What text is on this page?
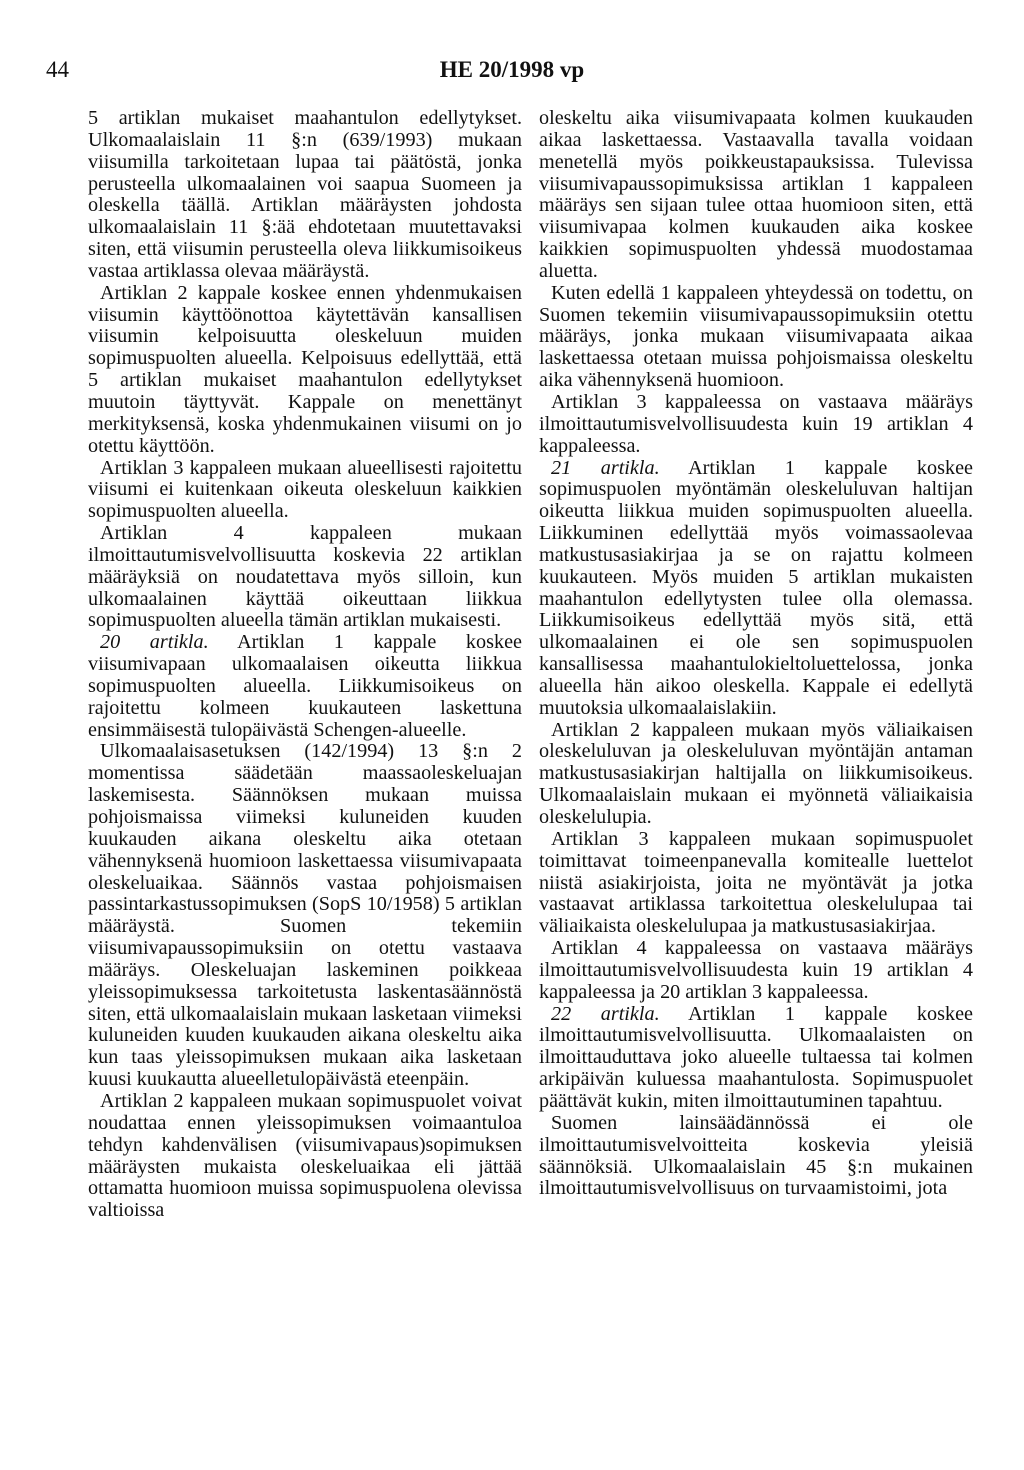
44	HE 20/1998 vp

5 artiklan mukaiset maahantulon edellytykset. Ulkomaalaislain 11 §:n (639/1993) mukaan viisumilla tarkoitetaan lupaa tai päätöstä, jonka perusteella ulkomaalainen voi saapua Suomeen ja oleskella täällä. Artiklan määräysten johdosta ulkomaalaislain 11 §:ää ehdotetaan muutettavaksi siten, että viisumin perusteella oleva liikkumisoikeus vastaa artiklassa olevaa määräystä.

Artiklan 2 kappale koskee ennen yhdenmukaisen viisumin käyttöönottoa käytettävän kansallisen viisumin kelpoisuutta oleskeluun muiden sopimuspuolten alueella. Kelpoisuus edellyttää, että 5 artiklan mukaiset maahantulon edellytykset muutoin täyttyvät. Kappale on menettänyt merkityksensä, koska yhdenmukainen viisumi on jo otettu käyttöön.

Artiklan 3 kappaleen mukaan alueellisesti rajoitettu viisumi ei kuitenkaan oikeuta oleskeluun kaikkien sopimuspuolten alueella.

Artiklan 4 kappaleen mukaan ilmoittautumisvelvollisuutta koskevia 22 artiklan määräyksiä on noudatettava myös silloin, kun ulkomaalainen käyttää oikeuttaan liikkua sopimuspuolten alueella tämän artiklan mukaisesti.

20 artikla. Artiklan 1 kappale koskee viisumivapaan ulkomaalaisen oikeutta liikkua sopimuspuolten alueella. Liikkumisoikeus on rajoitettu kolmeen kuukauteen laskettuna ensimmäisestä tulopäivästä Schengen-alueelle.

Ulkomaalaisasetuksen (142/1994) 13 §:n 2 momentissa säädetään maassaoleskeluajan laskemisesta. Säännöksen mukaan muissa pohjoismaissa viimeksi kuluneiden kuuden kuukauden aikana oleskeltu aika otetaan vähennyksenä huomioon laskettaessa viisumivapaata oleskeluaikaa. Säännös vastaa pohjoismaisen passintarkastussopimuksen (SopS 10/1958) 5 artiklan määräystä. Suomen tekemiin viisumivapaussopimuksiin on otettu vastaava määräys. Oleskeluajan laskeminen poikkeaa yleissopimuksessa tarkoitetusta laskentasäännöstä siten, että ulkomaalaislain mukaan lasketaan viimeksi kuluneiden kuuden kuukauden aikana oleskeltu aika kun taas yleissopimuksen mukaan aika lasketaan kuusi kuukautta alueelletulopäivästä eteenpäin.

Artiklan 2 kappaleen mukaan sopimuspuolet voivat noudattaa ennen yleissopimuksen voimaantuloa tehdyn kahdenvälisen (viisumivapaus)sopimuksen määräysten mukaista oleskeluaikaa eli jättää ottamatta huomioon muissa sopimuspuolena olevissa valtioissa

oleskeltu aika viisumivapaata kolmen kuukauden aikaa laskettaessa. Vastaavalla tavalla voidaan menetellä myös poikkeustapauksissa. Tulevissa viisumivapaussopimuksissa artiklan 1 kappaleen määräys sen sijaan tulee ottaa huomioon siten, että viisumivapaa kolmen kuukauden aika koskee kaikkien sopimuspuolten yhdessä muodostamaa aluetta.

Kuten edellä 1 kappaleen yhteydessä on todettu, on Suomen tekemiin viisumivapaussopimuksiin otettu määräys, jonka mukaan viisumivapaata aikaa laskettaessa otetaan muissa pohjoismaissa oleskeltu aika vähennyksenä huomioon.

Artiklan 3 kappaleessa on vastaava määräys ilmoittautumisvelvollisuudesta kuin 19 artiklan 4 kappaleessa.

21 artikla. Artiklan 1 kappale koskee sopimuspuolen myöntämän oleskeluluvan haltijan oikeutta liikkua muiden sopimuspuolten alueella. Liikkuminen edellyttää myös voimassaolevaa matkustusasiakirjaa ja se on rajattu kolmeen kuukauteen. Myös muiden 5 artiklan mukaisten maahantulon edellytysten tulee olla olemassa. Liikkumisoikeus edellyttää myös sitä, että ulkomaalainen ei ole sen sopimuspuolen kansallisessa maahantulokieltoluettelossa, jonka alueella hän aikoo oleskella. Kappale ei edellytä muutoksia ulkomaalaislakiin.

Artiklan 2 kappaleen mukaan myös väliaikaisen oleskeluluvan ja oleskeluluvan myöntäjän antaman matkustusasiakirjan haltijalla on liikkumisoikeus. Ulkomaalaislain mukaan ei myönnetä väliaikaisia oleskelulupia.

Artiklan 3 kappaleen mukaan sopimuspuolet toimittavat toimeenpanevalla komitealle luettelot niistä asiakirjoista, joita ne myöntävät ja jotka vastaavat artiklassa tarkoitettua oleskelulupaa tai väliaikaista oleskelulupaa ja matkustusasiakirjaa.

Artiklan 4 kappaleessa on vastaava määräys ilmoittautumisvelvollisuudesta kuin 19 artiklan 4 kappaleessa ja 20 artiklan 3 kappaleessa.

22 artikla. Artiklan 1 kappale koskee ilmoittautumisvelvollisuutta. Ulkomaalaisten on ilmoittauduttava joko alueelle tultaessa tai kolmen arkipäivän kuluessa maahantulosta. Sopimuspuolet päättävät kukin, miten ilmoittautuminen tapahtuu.

Suomen lainsäädännössä ei ole ilmoittautumisvelvoitteita koskevia yleisiä säännöksiä. Ulkomaalaislain 45 §:n mukainen ilmoittautumisvelvollisuus on turvaamistoimi, jota
